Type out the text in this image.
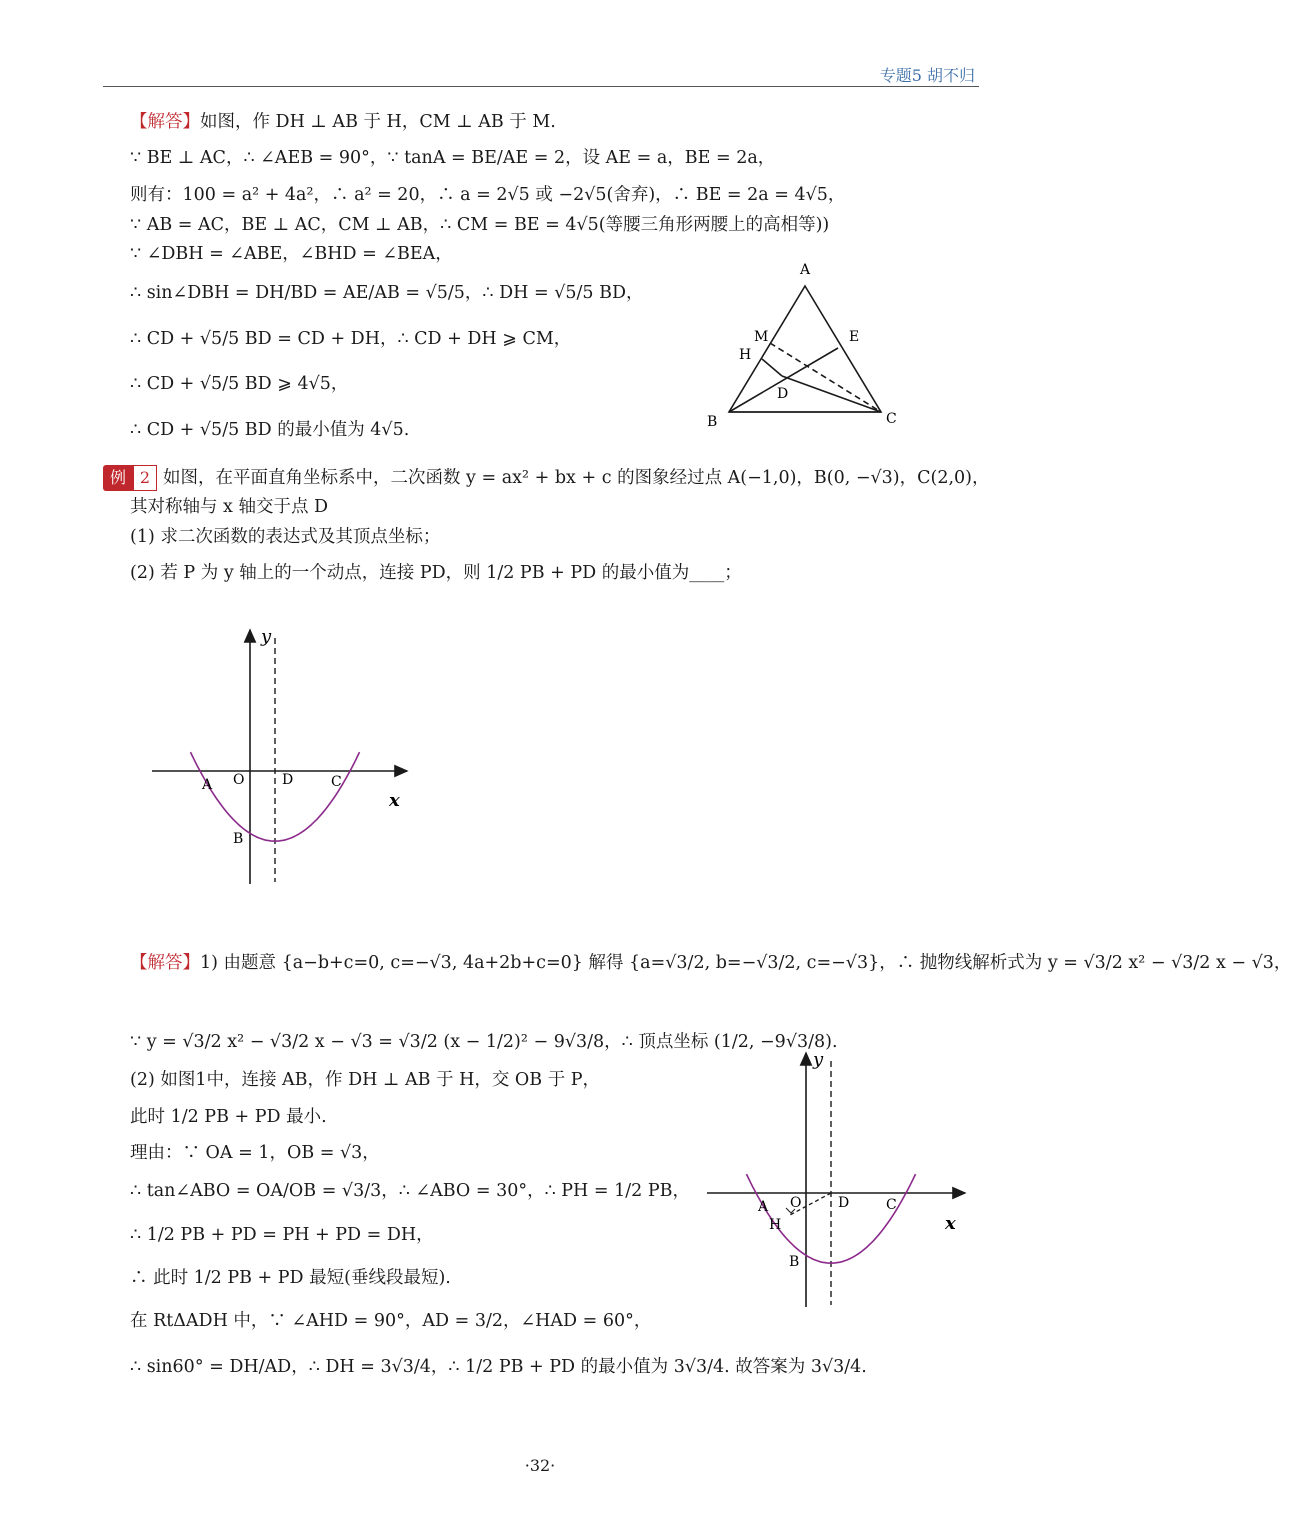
专题5 胡不归
【解答】如图，作 DH ⊥ AB 于 H，CM ⊥ AB 于 M.
∵ BE ⊥ AC，∴ ∠AEB = 90°，∵ tanA = BE/AE = 2，设 AE = a，BE = 2a，
则有：100 = a² + 4a²，∴ a² = 20，∴ a = 2√5 或 −2√5(舍弃)，∴ BE = 2a = 4√5，
∵ AB = AC，BE ⊥ AC，CM ⊥ AB，∴ CM = BE = 4√5(等腰三角形两腰上的高相等))
∵ ∠DBH = ∠ABE，∠BHD = ∠BEA，
∴ sin∠DBH = DH/BD = AE/AB = √5/5，∴ DH = √5/5 BD，
∴ CD + √5/5 BD = CD + DH，∴ CD + DH ⩾ CM，
∴ CD + √5/5 BD ⩾ 4√5，
∴ CD + √5/5 BD 的最小值为 4√5.
A
B	C
D
E
H
M
例 2 如图，在平面直角坐标系中，二次函数 y = ax² + bx + c 的图象经过点 A(−1,0)，B(0, −√3)，C(2,0)，
其对称轴与 x 轴交于点 D
(1) 求二次函数的表达式及其顶点坐标；
(2) 若 P 为 y 轴上的一个动点，连接 PD，则 1/2 PB + PD 的最小值为____；
y
x
A O	D	C
B
【解答】1) 由题意 {a−b+c=0, c=−√3, 4a+2b+c=0} 解得 {a=√3/2, b=−√3/2, c=−√3}，∴ 抛物线解析式为 y = √3/2 x² − √3/2 x − √3，
∵ y = √3/2 x² − √3/2 x − √3 = √3/2 (x − 1/2)² − 9√3/8，∴ 顶点坐标 (1/2, −9√3/8).
(2) 如图1中，连接 AB，作 DH ⊥ AB 于 H，交 OB 于 P，
此时 1/2 PB + PD 最小.
理由：∵ OA = 1，OB = √3，
∴ tan∠ABO = OA/OB = √3/3，∴ ∠ABO = 30°，∴ PH = 1/2 PB，
∴ 1/2 PB + PD = PH + PD = DH，
∴ 此时 1/2 PB + PD 最短(垂线段最短).
在 RtΔADH 中，∵ ∠AHD = 90°，AD = 3/2，∠HAD = 60°，
∴ sin60° = DH/AD，∴ DH = 3√3/4，∴ 1/2 PB + PD 的最小值为 3√3/4. 故答案为 3√3/4.
y
x
A O	D	C
H
B
·32·
